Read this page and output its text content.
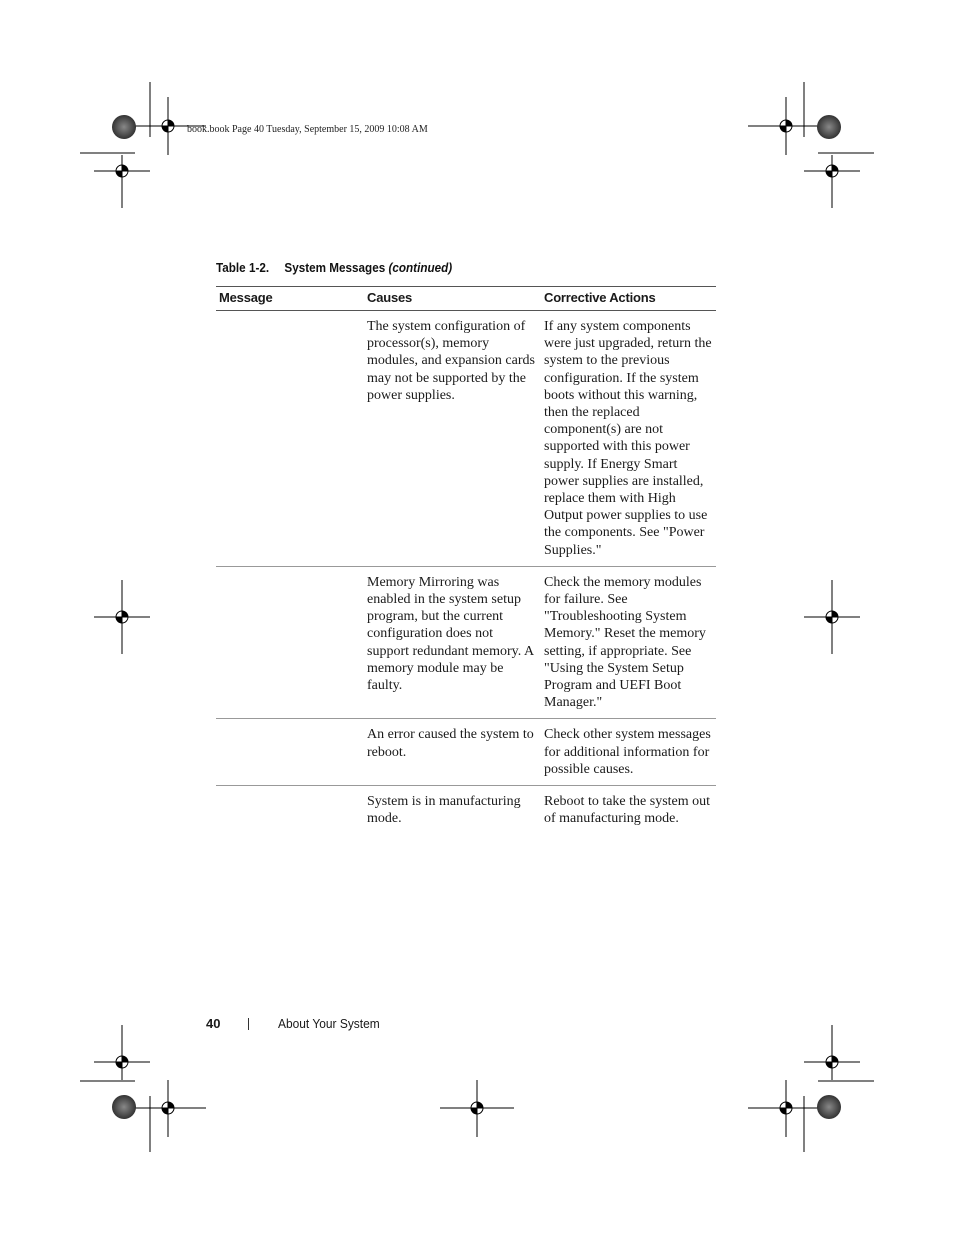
book.book Page 40 Tuesday, September 15, 2009 10:08 AM
Table 1-2. System Messages (continued)
Message	Causes	Corrective Actions
	The system configuration of processor(s), memory modules, and expansion cards may not be supported by the power supplies.	If any system components were just upgraded, return the system to the previous configuration. If the system boots without this warning, then the replaced component(s) are not supported with this power supply. If Energy Smart power supplies are installed, replace them with High Output power supplies to use the components. See "Power Supplies."
	Memory Mirroring was enabled in the system setup program, but the current configuration does not support redundant memory. A memory module may be faulty.	Check the memory modules for failure. See "Troubleshooting System Memory." Reset the memory setting, if appropriate. See "Using the System Setup Program and UEFI Boot Manager."
	An error caused the system to reboot.	Check other system messages for additional information for possible causes.
	System is in manufacturing mode.	Reboot to take the system out of manufacturing mode.
40	About Your System
